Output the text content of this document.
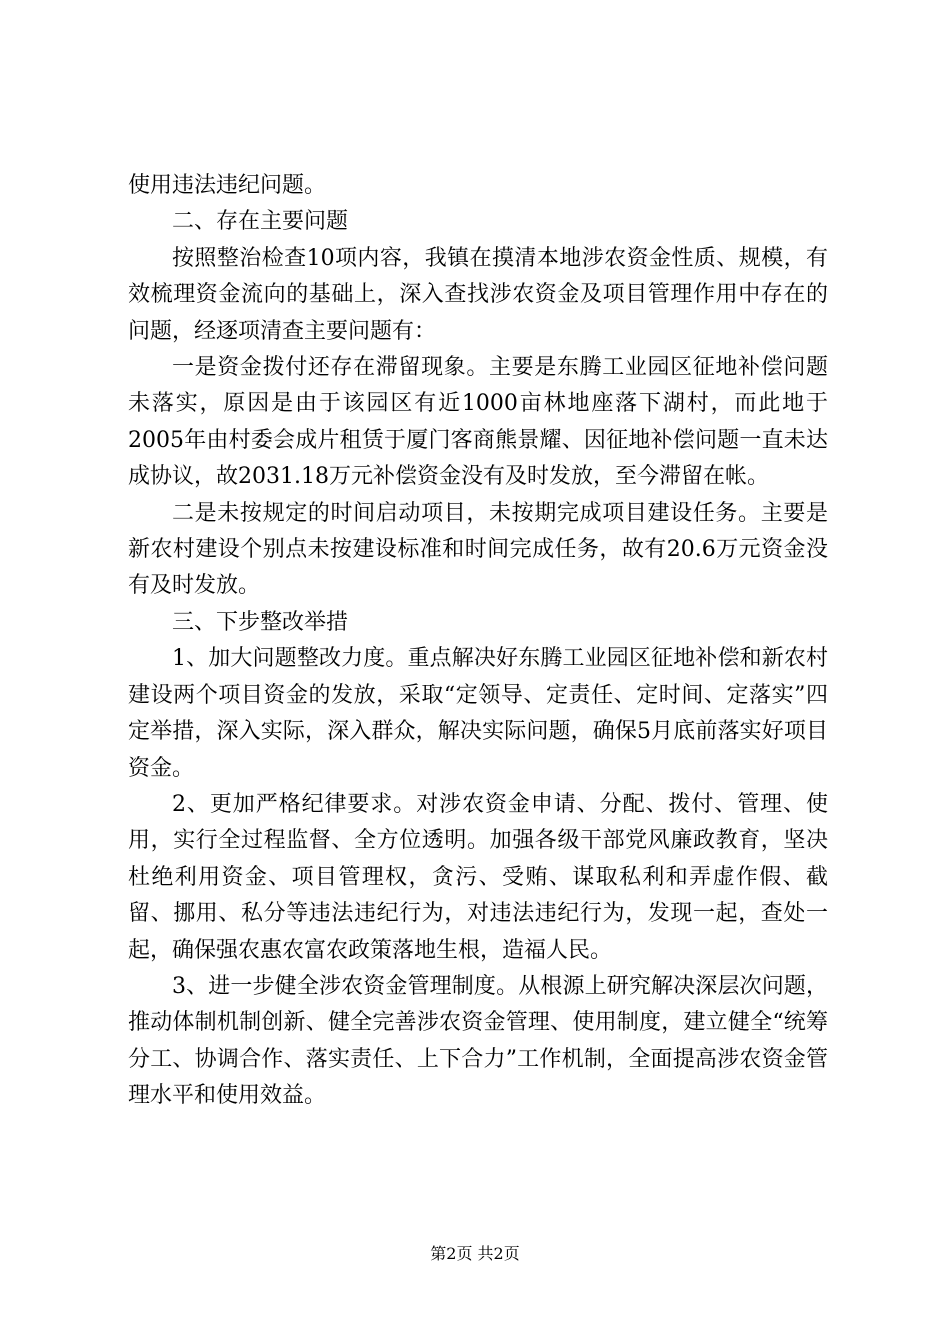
使用违法违纪问题。

二、存在主要问题

按照整治检查10项内容，我镇在摸清本地涉农资金性质、规模，有效梳理资金流向的基础上，深入查找涉农资金及项目管理作用中存在的问题，经逐项清查主要问题有：

一是资金拨付还存在滞留现象。主要是东腾工业园区征地补偿问题未落实，原因是由于该园区有近1000亩林地座落下湖村，而此地于2005年由村委会成片租赁于厦门客商熊景耀、因征地补偿问题一直未达成协议，故2031.18万元补偿资金没有及时发放，至今滞留在帐。

二是未按规定的时间启动项目，未按期完成项目建设任务。主要是新农村建设个别点未按建设标准和时间完成任务，故有20.6万元资金没有及时发放。

三、下步整改举措

1、加大问题整改力度。重点解决好东腾工业园区征地补偿和新农村建设两个项目资金的发放，采取“定领导、定责任、定时间、定落实”四定举措，深入实际，深入群众，解决实际问题，确保5月底前落实好项目资金。

2、更加严格纪律要求。对涉农资金申请、分配、拨付、管理、使用，实行全过程监督、全方位透明。加强各级干部党风廉政教育，坚决杜绝利用资金、项目管理权，贪污、受贿、谋取私利和弄虚作假、截留、挪用、私分等违法违纪行为，对违法违纪行为，发现一起，查处一起，确保强农惠农富农政策落地生根，造福人民。

3、进一步健全涉农资金管理制度。从根源上研究解决深层次问题，推动体制机制创新、健全完善涉农资金管理、使用制度，建立健全“统筹分工、协调合作、落实责任、上下合力”工作机制，全面提高涉农资金管理水平和使用效益。

第2页 共2页
